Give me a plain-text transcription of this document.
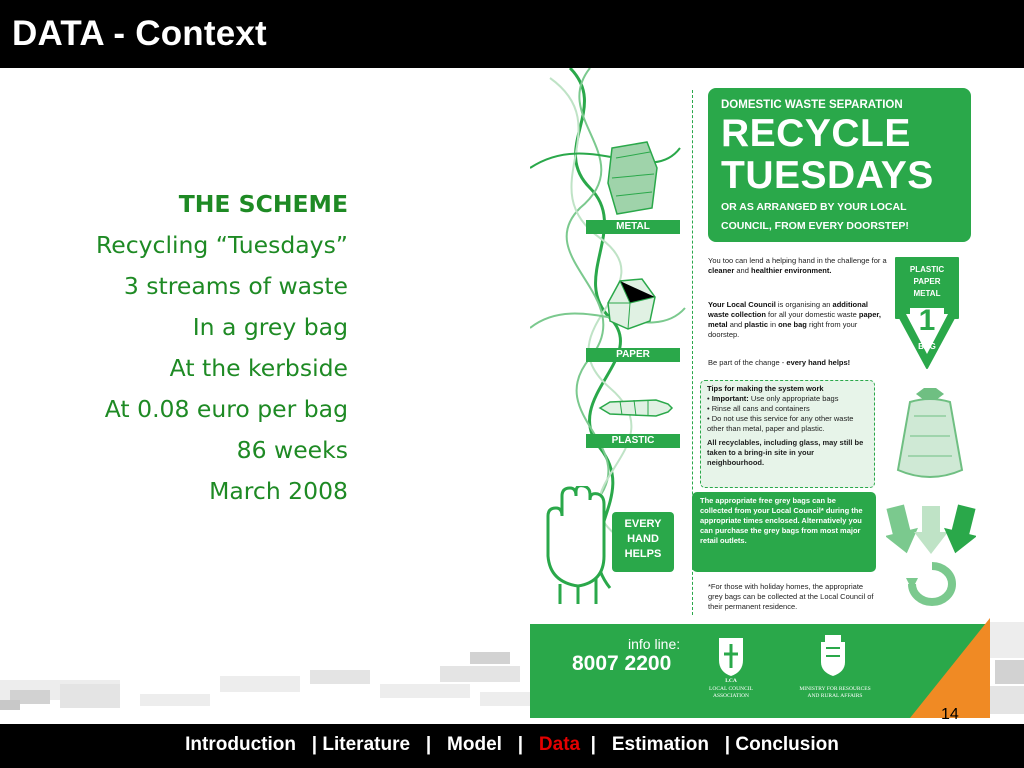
DATA - Context
THE SCHEME
Recycling “Tuesdays”
3 streams of waste
In a grey bag
At the kerbside
At 0.08 euro per bag
86 weeks
March 2008
METAL
PAPER
PLASTIC
EVERY
HAND
HELPS
DOMESTIC WASTE SEPARATION
RECYCLE
TUESDAYS
OR AS ARRANGED BY YOUR LOCAL
COUNCIL, FROM EVERY DOORSTEP!
You too can lend a helping hand in the challenge for a cleaner and healthier environment.
Your Local Council is organising an additional waste collection for all your domestic waste paper, metal and plastic in one bag right from your doorstep.
Be part of the change - every hand helps!
PLASTIC
PAPER
METAL
1
BAG
Tips for making the system work
• Important: Use only appropriate bags
• Rinse all cans and containers
• Do not use this service for any other waste other than metal, paper and plastic.
All recyclables, including glass, may still be taken to a bring-in site in your neighbourhood.
The appropriate free grey bags can be collected from your Local Council* during the appropriate times enclosed. Alternatively you can purchase the grey bags from most major retail outlets.
*For those with holiday homes, the appropriate grey bags can be collected at the Local Council of their permanent residence.
info line:
8007 2200
LCA
LOCAL COUNCIL ASSOCIATION
MINISTRY FOR RESOURCES AND RURAL AFFAIRS
14
Introduction   | Literature   |   Model   |   Data  |   Estimation   | Conclusion
